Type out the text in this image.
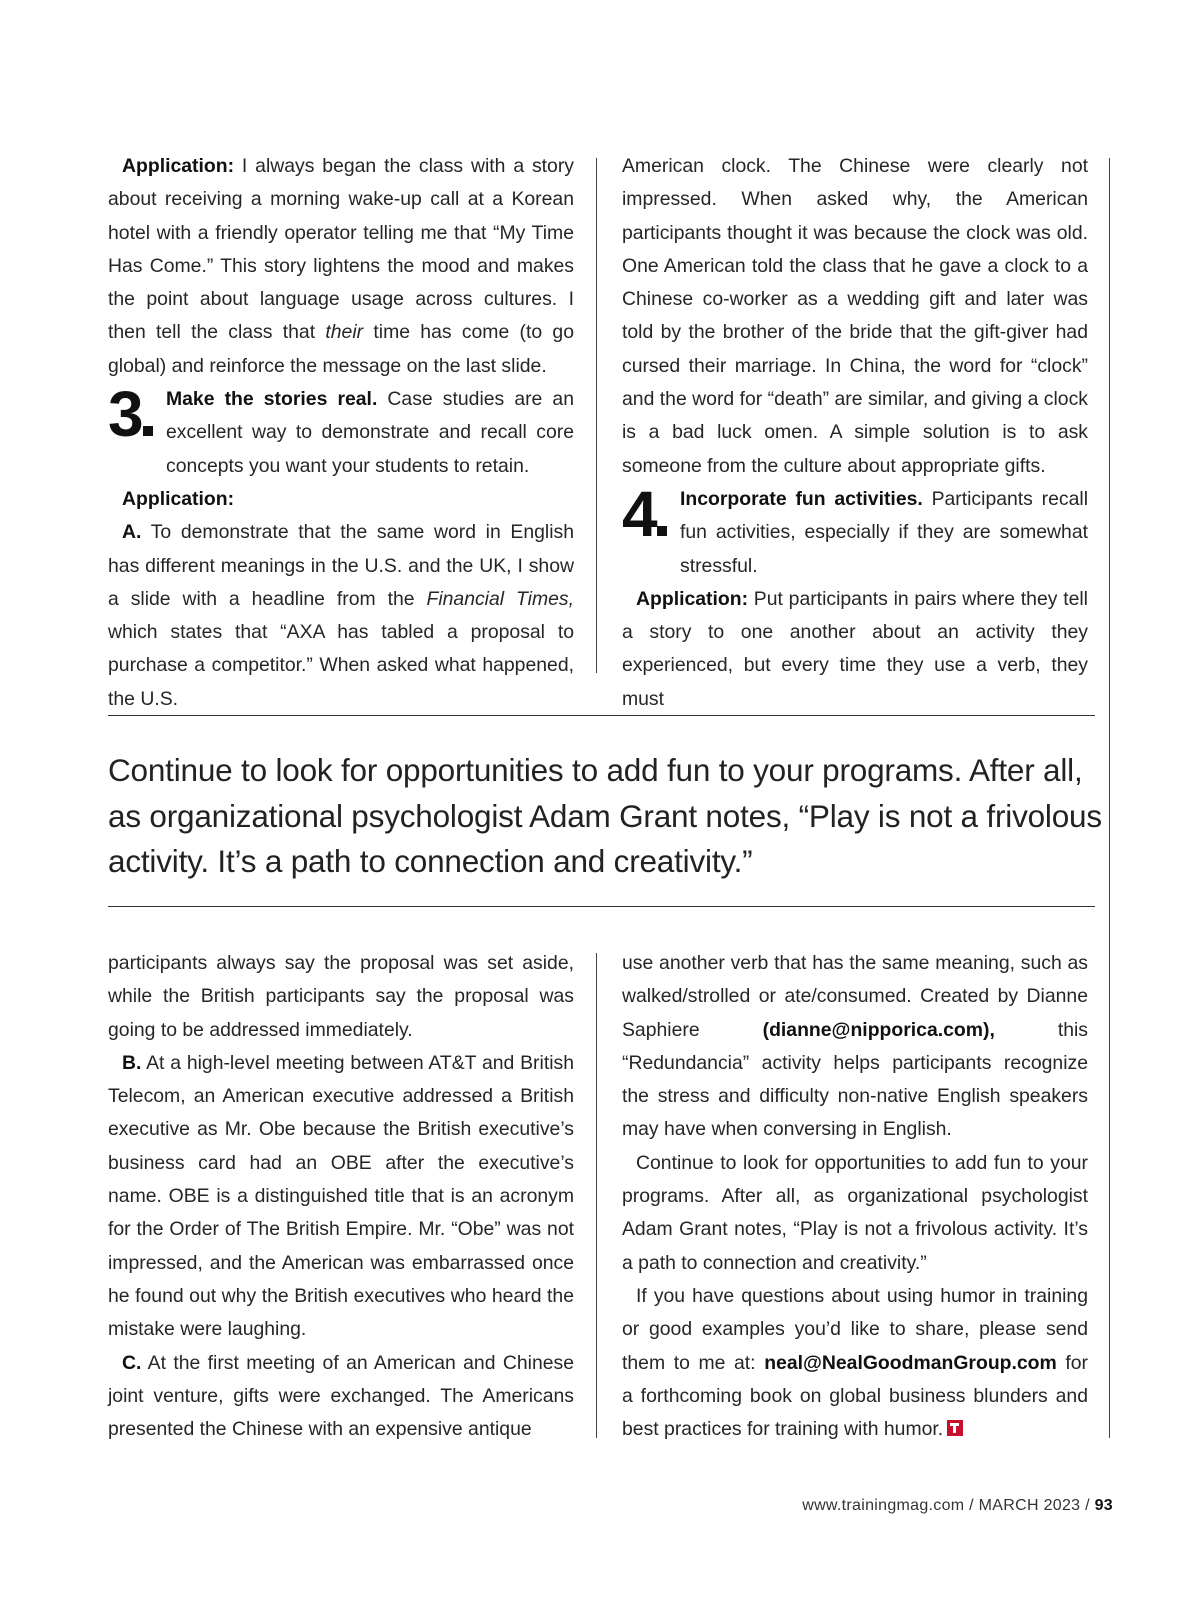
Application: I always began the class with a story about receiving a morning wake-up call at a Korean hotel with a friendly operator telling me that “My Time Has Come.” This story lightens the mood and makes the point about language usage across cultures. I then tell the class that their time has come (to go global) and reinforce the message on the last slide.

3	Make the stories real. Case studies are an excellent way to demonstrate and recall core concepts you want your students to retain.

Application:

A. To demonstrate that the same word in English has different meanings in the U.S. and the UK, I show a slide with a headline from the Financial Times, which states that “AXA has tabled a proposal to purchase a competitor.” When asked what happened, the U.S.

American clock. The Chinese were clearly not impressed. When asked why, the American participants thought it was because the clock was old. One American told the class that he gave a clock to a Chinese co-worker as a wedding gift and later was told by the brother of the bride that the gift-giver had cursed their marriage. In China, the word for “clock” and the word for “death” are similar, and giving a clock is a bad luck omen. A simple solution is to ask someone from the culture about appropriate gifts.

4	Incorporate fun activities. Participants recall fun activities, especially if they are somewhat stressful.

Application: Put participants in pairs where they tell a story to one another about an activity they experienced, but every time they use a verb, they must

Continue to look for opportunities to add fun to your programs. After all, as organizational psychologist Adam Grant notes, “Play is not a frivolous activity. It’s a path to connection and creativity.”

participants always say the proposal was set aside, while the British participants say the proposal was going to be addressed immediately.

B. At a high-level meeting between AT&T and British Telecom, an American executive addressed a British executive as Mr. Obe because the British executive’s business card had an OBE after the executive’s name. OBE is a distinguished title that is an acronym for the Order of The British Empire. Mr. “Obe” was not impressed, and the American was embarrassed once he found out why the British executives who heard the mistake were laughing.

C. At the first meeting of an American and Chinese joint venture, gifts were exchanged. The Americans presented the Chinese with an expensive antique

use another verb that has the same meaning, such as walked/strolled or ate/consumed. Created by Dianne Saphiere (dianne@nipporica.com), this “Redundancia” activity helps participants recognize the stress and difficulty non-native English speakers may have when conversing in English.

Continue to look for opportunities to add fun to your programs. After all, as organizational psychologist Adam Grant notes, “Play is not a frivolous activity. It’s a path to connection and creativity.”

If you have questions about using humor in training or good examples you’d like to share, please send them to me at: neal@NealGoodmanGroup.com for a forthcoming book on global business blunders and best practices for training with humor.

www.trainingmag.com / MARCH 2023 / 93
